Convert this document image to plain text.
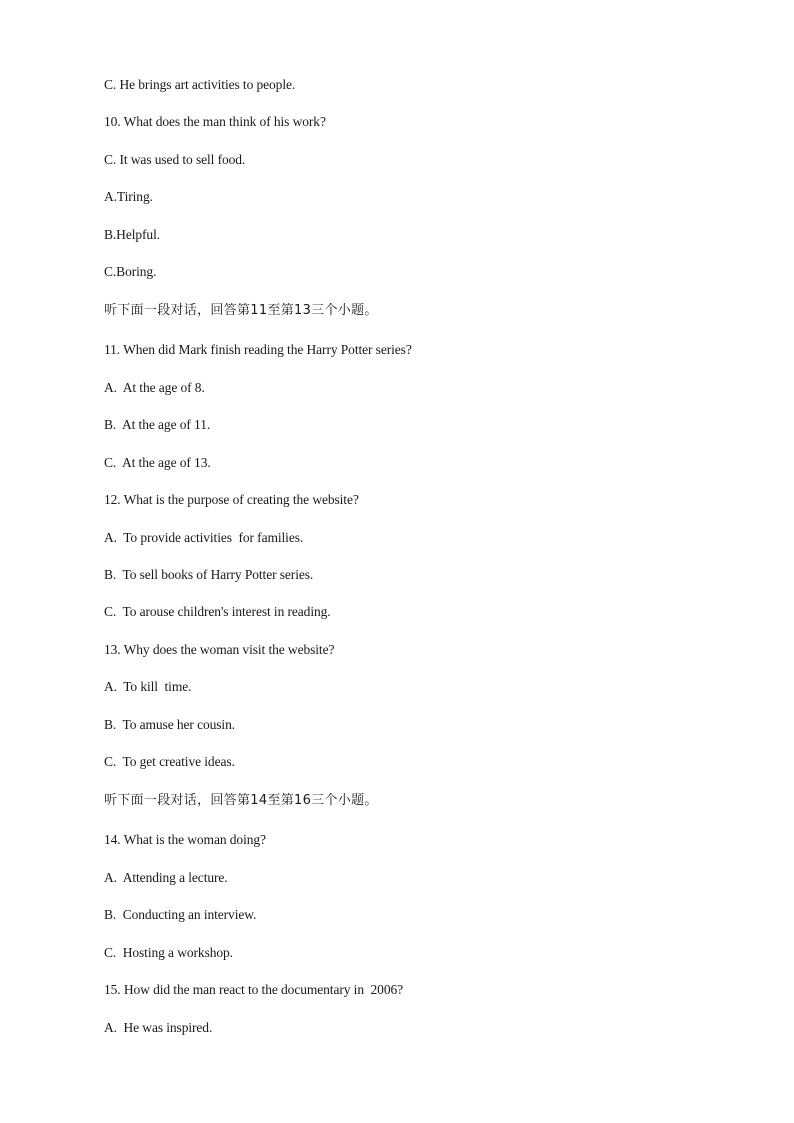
C. He brings art activities to people.
10. What does the man think of his work?
C. It was used to sell food.
A.Tiring.
B.Helpful.
C.Boring.
听下面一段对话，回答第11至第13三个小题。
11. When did Mark finish reading the Harry Potter series?
A.  At the age of 8.
B.  At the age of 11.
C.  At the age of 13.
12. What is the purpose of creating the website?
A.  To provide activities  for families.
B.  To sell books of Harry Potter series.
C.  To arouse children's interest in reading.
13. Why does the woman visit the website?
A.  To kill  time.
B.  To amuse her cousin.
C.  To get creative ideas.
听下面一段对话，回答第14至第16三个小题。
14. What is the woman doing?
A.  Attending a lecture.
B.  Conducting an interview.
C.  Hosting a workshop.
15. How did the man react to the documentary in  2006?
A.  He was inspired.
